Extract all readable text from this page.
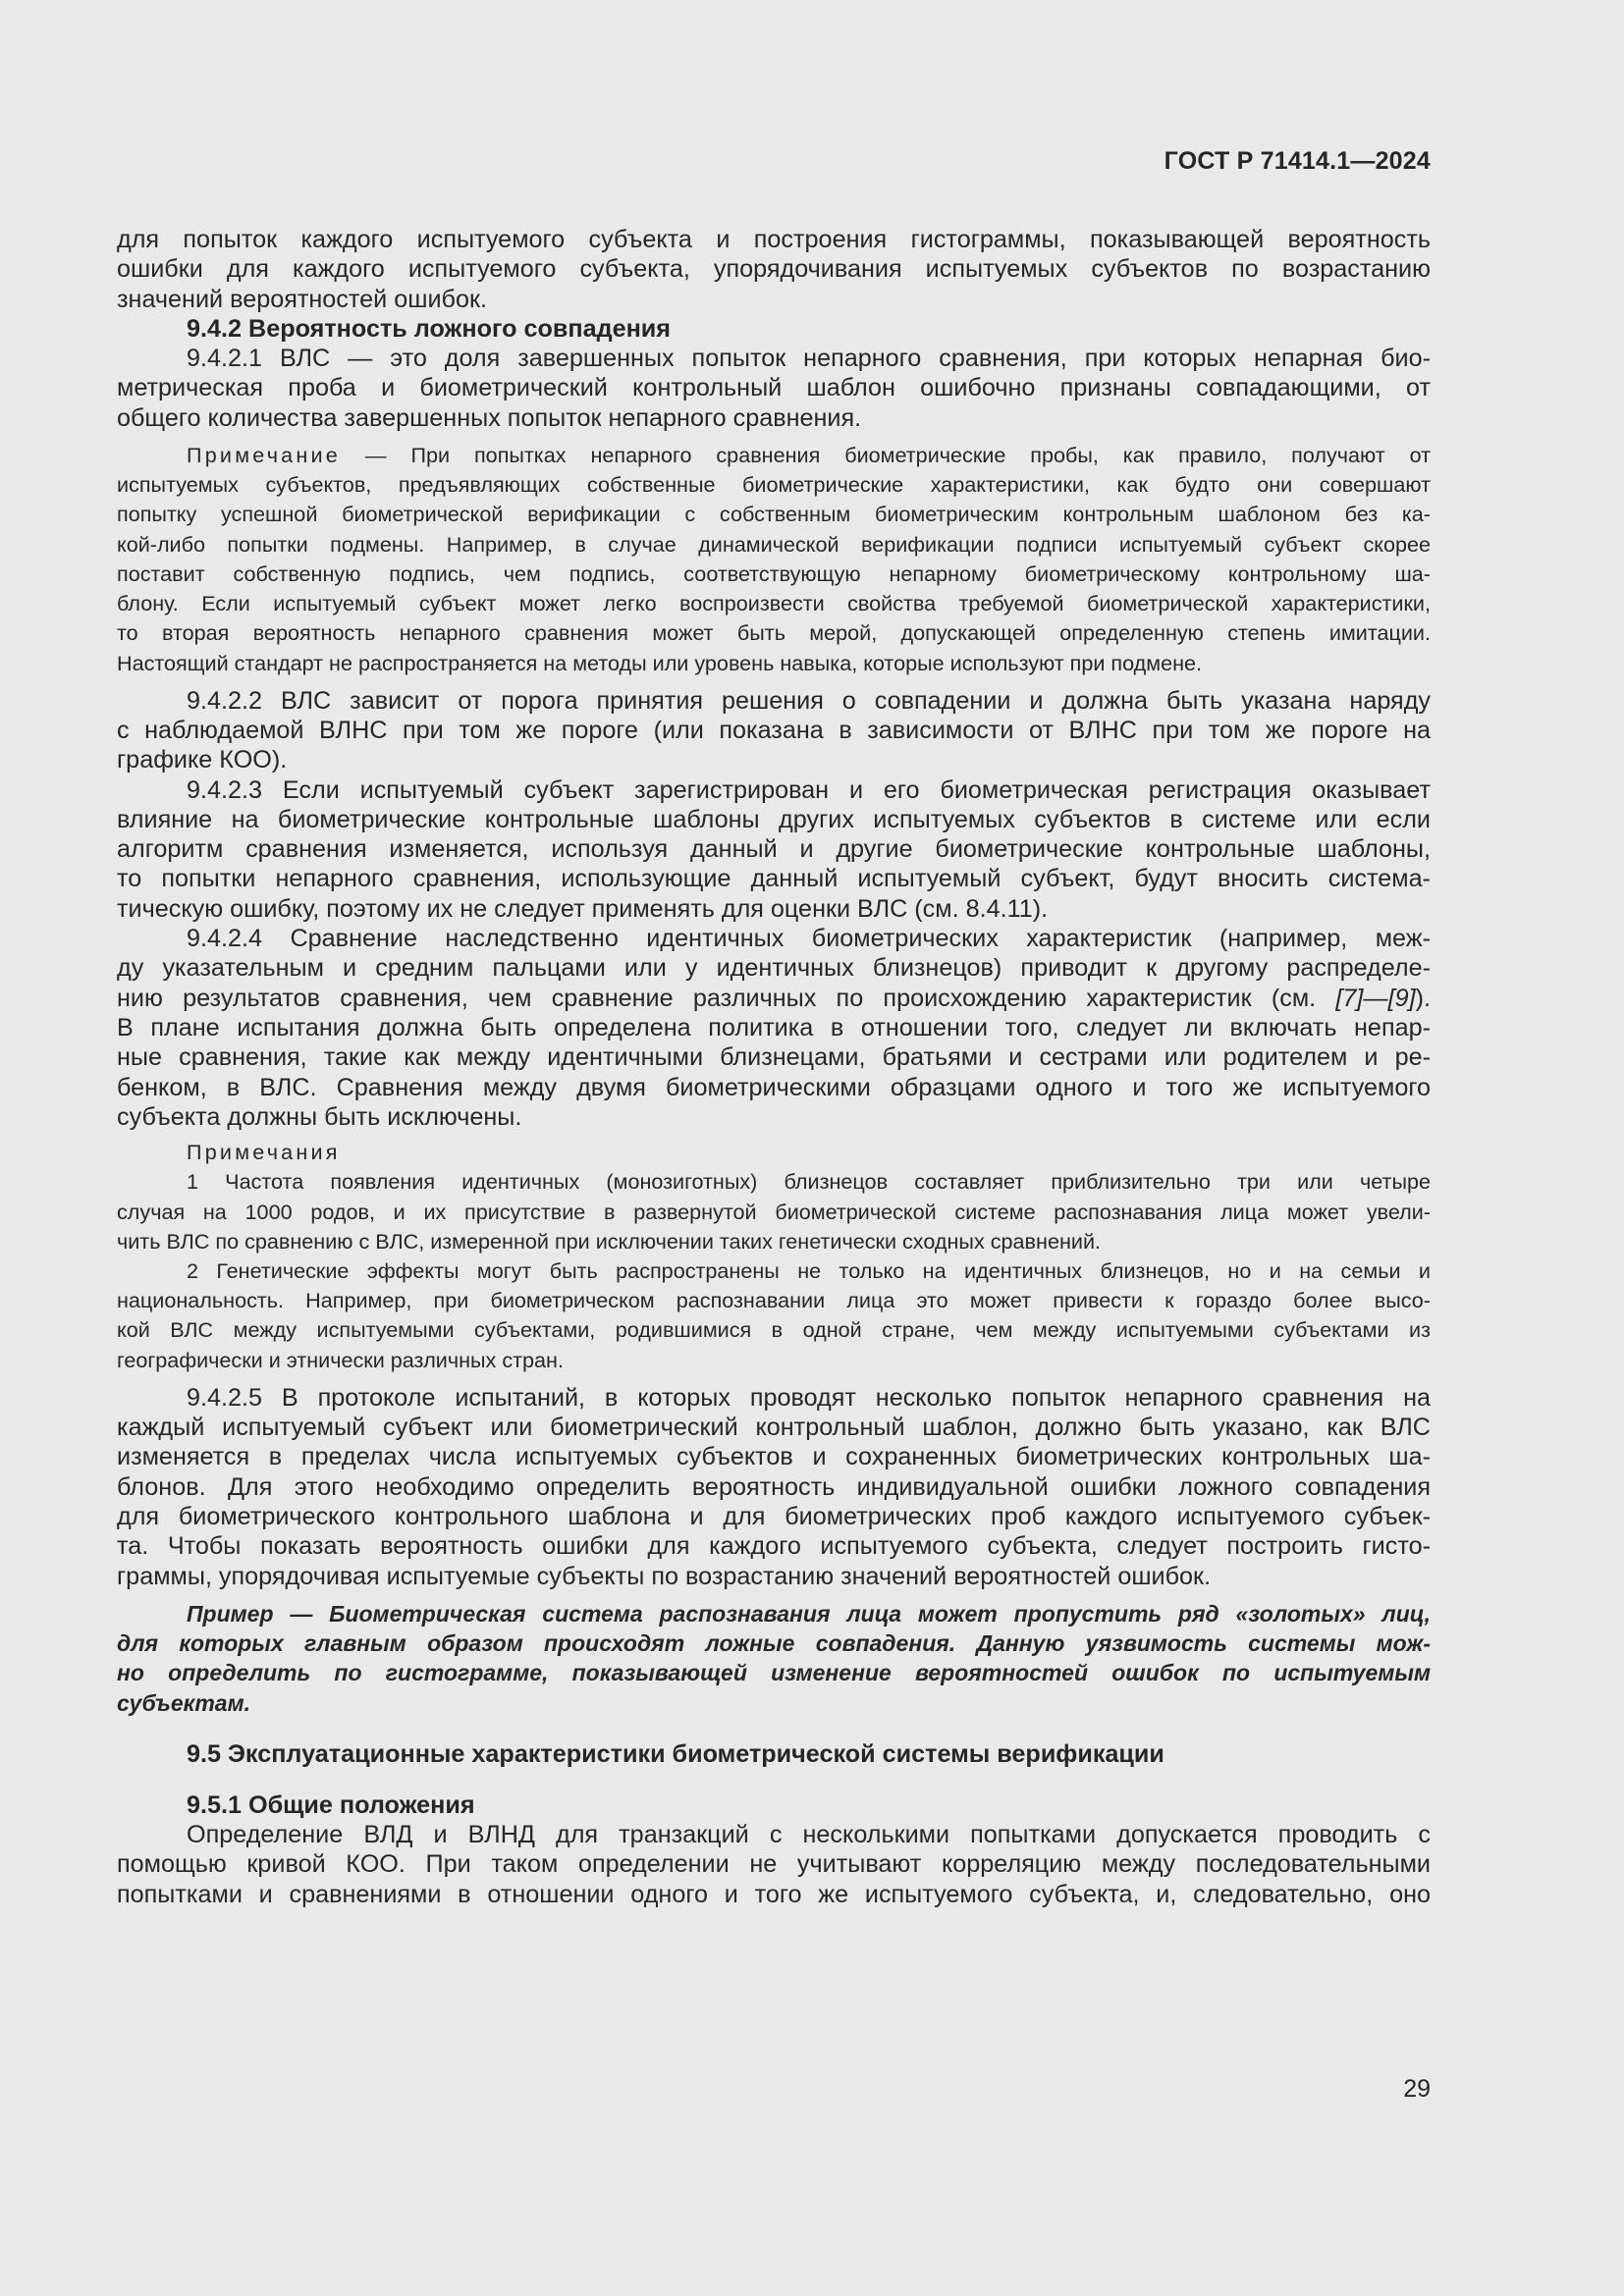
ГОСТ Р 71414.1—2024

для попыток каждого испытуемого субъекта и построения гистограммы, показывающей вероятность
ошибки для каждого испытуемого субъекта, упорядочивания испытуемых субъектов по возрастанию
значений вероятностей ошибок.

9.4.2 Вероятность ложного совпадения

9.4.2.1 ВЛС — это доля завершенных попыток непарного сравнения, при которых непарная био-
метрическая проба и биометрический контрольный шаблон ошибочно признаны совпадающими, от
общего количества завершенных попыток непарного сравнения.

Примечание — При попытках непарного сравнения биометрические пробы, как правило, получают от
испытуемых субъектов, предъявляющих собственные биометрические характеристики, как будто они совершают
попытку успешной биометрической верификации с собственным биометрическим контрольным шаблоном без ка-
кой-либо попытки подмены. Например, в случае динамической верификации подписи испытуемый субъект скорее
поставит собственную подпись, чем подпись, соответствующую непарному биометрическому контрольному ша-
блону. Если испытуемый субъект может легко воспроизвести свойства требуемой биометрической характеристики,
то вторая вероятность непарного сравнения может быть мерой, допускающей определенную степень имитации.
Настоящий стандарт не распространяется на методы или уровень навыка, которые используют при подмене.

9.4.2.2 ВЛС зависит от порога принятия решения о совпадении и должна быть указана наряду
с наблюдаемой ВЛНС при том же пороге (или показана в зависимости от ВЛНС при том же пороге на
графике КОО).

9.4.2.3 Если испытуемый субъект зарегистрирован и его биометрическая регистрация оказывает
влияние на биометрические контрольные шаблоны других испытуемых субъектов в системе или если
алгоритм сравнения изменяется, используя данный и другие биометрические контрольные шаблоны,
то попытки непарного сравнения, использующие данный испытуемый субъект, будут вносить система-
тическую ошибку, поэтому их не следует применять для оценки ВЛС (см. 8.4.11).

9.4.2.4 Сравнение наследственно идентичных биометрических характеристик (например, меж-
ду указательным и средним пальцами или у идентичных близнецов) приводит к другому распределе-
нию результатов сравнения, чем сравнение различных по происхождению характеристик (см. [7]—[9]).
В плане испытания должна быть определена политика в отношении того, следует ли включать непар-
ные сравнения, такие как между идентичными близнецами, братьями и сестрами или родителем и ре-
бенком, в ВЛС. Сравнения между двумя биометрическими образцами одного и того же испытуемого
субъекта должны быть исключены.

Примечания
1 Частота появления идентичных (монозиготных) близнецов составляет приблизительно три или четыре
случая на 1000 родов, и их присутствие в развернутой биометрической системе распознавания лица может увели-
чить ВЛС по сравнению с ВЛС, измеренной при исключении таких генетически сходных сравнений.
2 Генетические эффекты могут быть распространены не только на идентичных близнецов, но и на семьи и
национальность. Например, при биометрическом распознавании лица это может привести к гораздо более высо-
кой ВЛС между испытуемыми субъектами, родившимися в одной стране, чем между испытуемыми субъектами из
географически и этнически различных стран.

9.4.2.5 В протоколе испытаний, в которых проводят несколько попыток непарного сравнения на
каждый испытуемый субъект или биометрический контрольный шаблон, должно быть указано, как ВЛС
изменяется в пределах числа испытуемых субъектов и сохраненных биометрических контрольных ша-
блонов. Для этого необходимо определить вероятность индивидуальной ошибки ложного совпадения
для биометрического контрольного шаблона и для биометрических проб каждого испытуемого субъек-
та. Чтобы показать вероятность ошибки для каждого испытуемого субъекта, следует построить гисто-
граммы, упорядочивая испытуемые субъекты по возрастанию значений вероятностей ошибок.

Пример — Биометрическая система распознавания лица может пропустить ряд «золотых» лиц,
для которых главным образом происходят ложные совпадения. Данную уязвимость системы мож-
но определить по гистограмме, показывающей изменение вероятностей ошибок по испытуемым
субъектам.

9.5 Эксплуатационные характеристики биометрической системы верификации

9.5.1 Общие положения

Определение ВЛД и ВЛНД для транзакций с несколькими попытками допускается проводить с
помощью кривой КОО. При таком определении не учитывают корреляцию между последовательными
попытками и сравнениями в отношении одного и того же испытуемого субъекта, и, следовательно, оно

29
